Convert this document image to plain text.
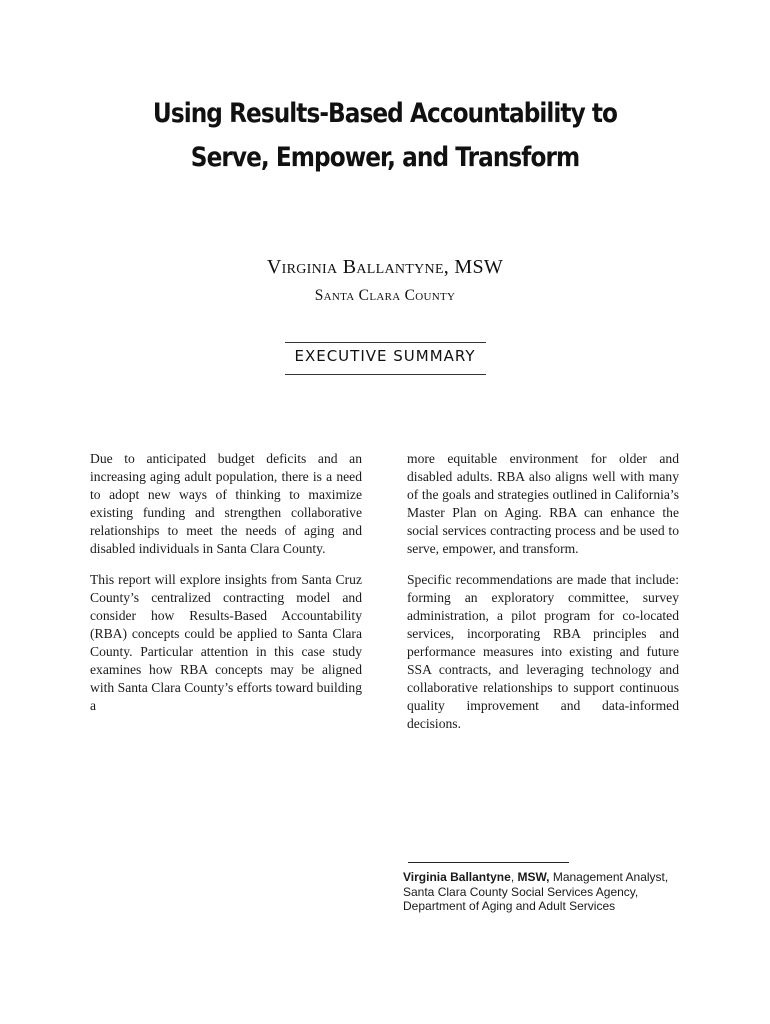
Using Results-Based Accountability to
Serve, Empower, and Transform
Virginia Ballantyne, MSW
Santa Clara County
EXECUTIVE SUMMARY

Due to anticipated budget deficits and an increasing aging adult population, there is a need to adopt new ways of thinking to maximize existing funding and strengthen collaborative relationships to meet the needs of aging and disabled individuals in Santa Clara County.

This report will explore insights from Santa Cruz County’s centralized contracting model and consider how Results-Based Accountability (RBA) concepts could be applied to Santa Clara County. Particular attention in this case study examines how RBA concepts may be aligned with Santa Clara County’s efforts toward building a

more equitable environment for older and disabled adults. RBA also aligns well with many of the goals and strategies outlined in California’s Master Plan on Aging. RBA can enhance the social services contracting process and be used to serve, empower, and transform.

Specific recommendations are made that include: forming an exploratory committee, survey administration, a pilot program for co-located services, incorporating RBA principles and performance measures into existing and future SSA contracts, and leveraging technology and collaborative relationships to support continuous quality improvement and data-informed decisions.

Virginia Ballantyne, MSW, Management Analyst, Santa Clara County Social Services Agency, Department of Aging and Adult Services
